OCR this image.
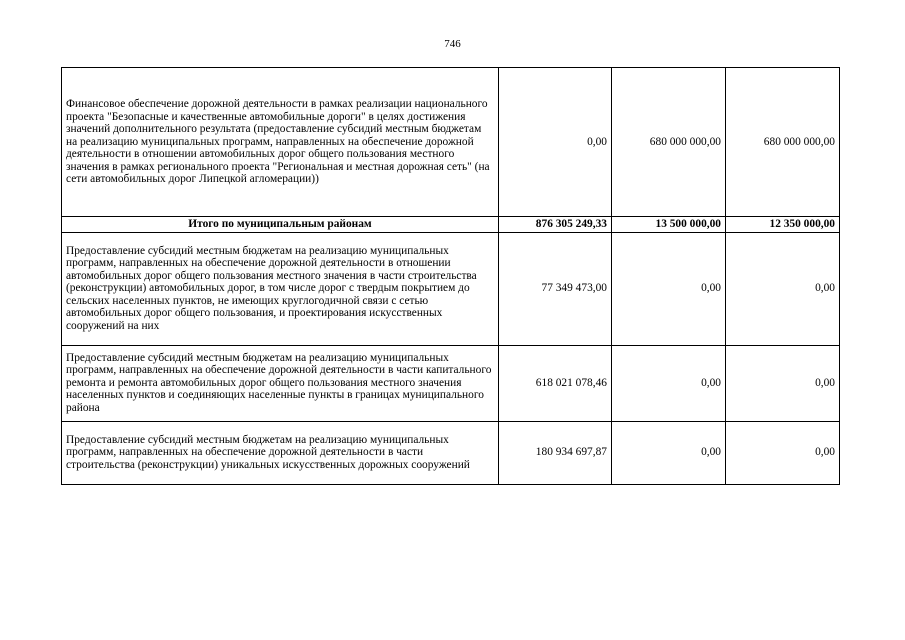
746
Финансовое обеспечение дорожной деятельности в рамках реализации национального проекта "Безопасные и качественные автомобильные дороги" в целях достижения значений дополнительного результата (предоставление субсидий местным бюджетам на реализацию муниципальных программ, направленных на обеспечение дорожной деятельности в отношении автомобильных дорог общего пользования местного значения в рамках регионального проекта "Региональная и местная дорожная сеть" (на сети автомобильных дорог Липецкой агломерации))	0,00	680 000 000,00	680 000 000,00
Итого по муниципальным районам	876 305 249,33	13 500 000,00	12 350 000,00
Предоставление субсидий местным бюджетам на реализацию муниципальных программ, направленных на обеспечение дорожной деятельности в отношении автомобильных дорог общего пользования местного значения в части строительства (реконструкции) автомобильных дорог, в том числе дорог с твердым покрытием до сельских населенных пунктов, не имеющих круглогодичной связи с сетью автомобильных дорог общего пользования, и проектирования искусственных сооружений на них	77 349 473,00	0,00	0,00
Предоставление субсидий местным бюджетам на реализацию муниципальных программ, направленных на обеспечение дорожной деятельности в части капитального ремонта и ремонта автомобильных дорог общего пользования местного значения населенных пунктов и соединяющих населенные пункты в границах муниципального района	618 021 078,46	0,00	0,00
Предоставление субсидий местным бюджетам на реализацию муниципальных программ, направленных на обеспечение дорожной деятельности в части строительства (реконструкции) уникальных искусственных дорожных сооружений	180 934 697,87	0,00	0,00
